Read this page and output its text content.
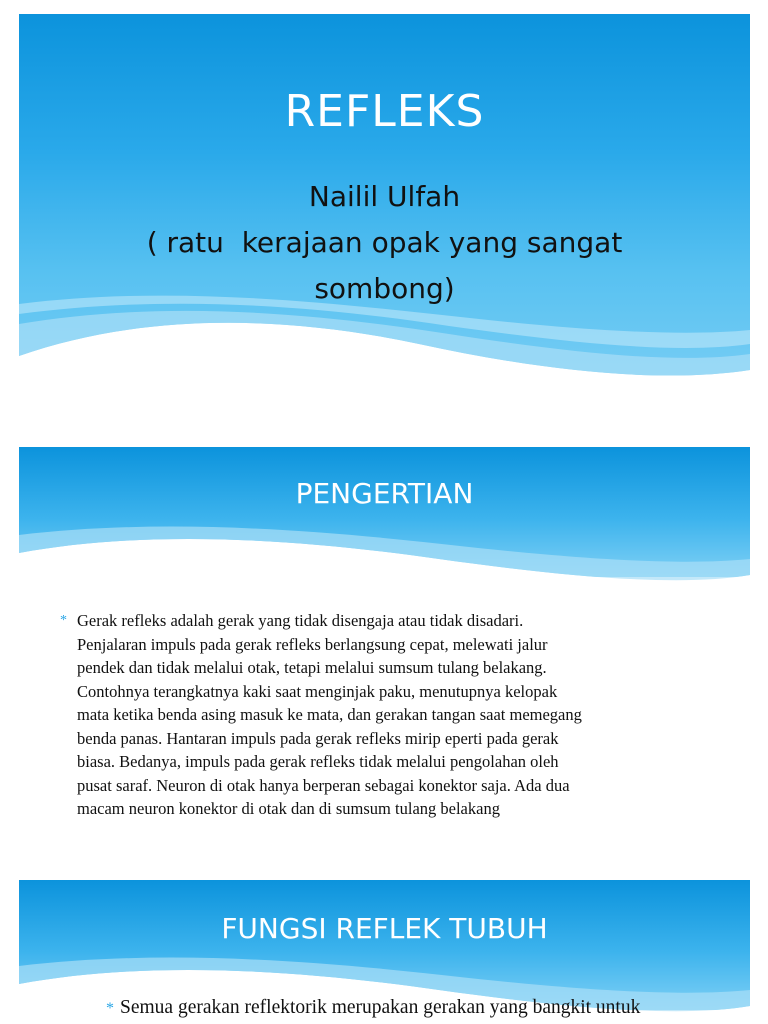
REFLEKS
Nailil Ulfah
( ratu  kerajaan opak yang sangat
sombong)
PENGERTIAN
* Gerak refleks adalah gerak yang tidak disengaja atau tidak disadari.
Penjalaran impuls pada gerak refleks berlangsung cepat, melewati jalur
pendek dan tidak melalui otak, tetapi melalui sumsum tulang belakang.
Contohnya terangkatnya kaki saat menginjak paku, menutupnya kelopak
mata ketika benda asing masuk ke mata, dan gerakan tangan saat memegang
benda panas. Hantaran impuls pada gerak refleks mirip eperti pada gerak
biasa. Bedanya, impuls pada gerak refleks tidak melalui pengolahan oleh
pusat saraf. Neuron di otak hanya berperan sebagai konektor saja. Ada dua
macam neuron konektor di otak dan di sumsum tulang belakang
FUNGSI REFLEK TUBUH
* Semua gerakan reflektorik merupakan gerakan yang bangkit untuk
